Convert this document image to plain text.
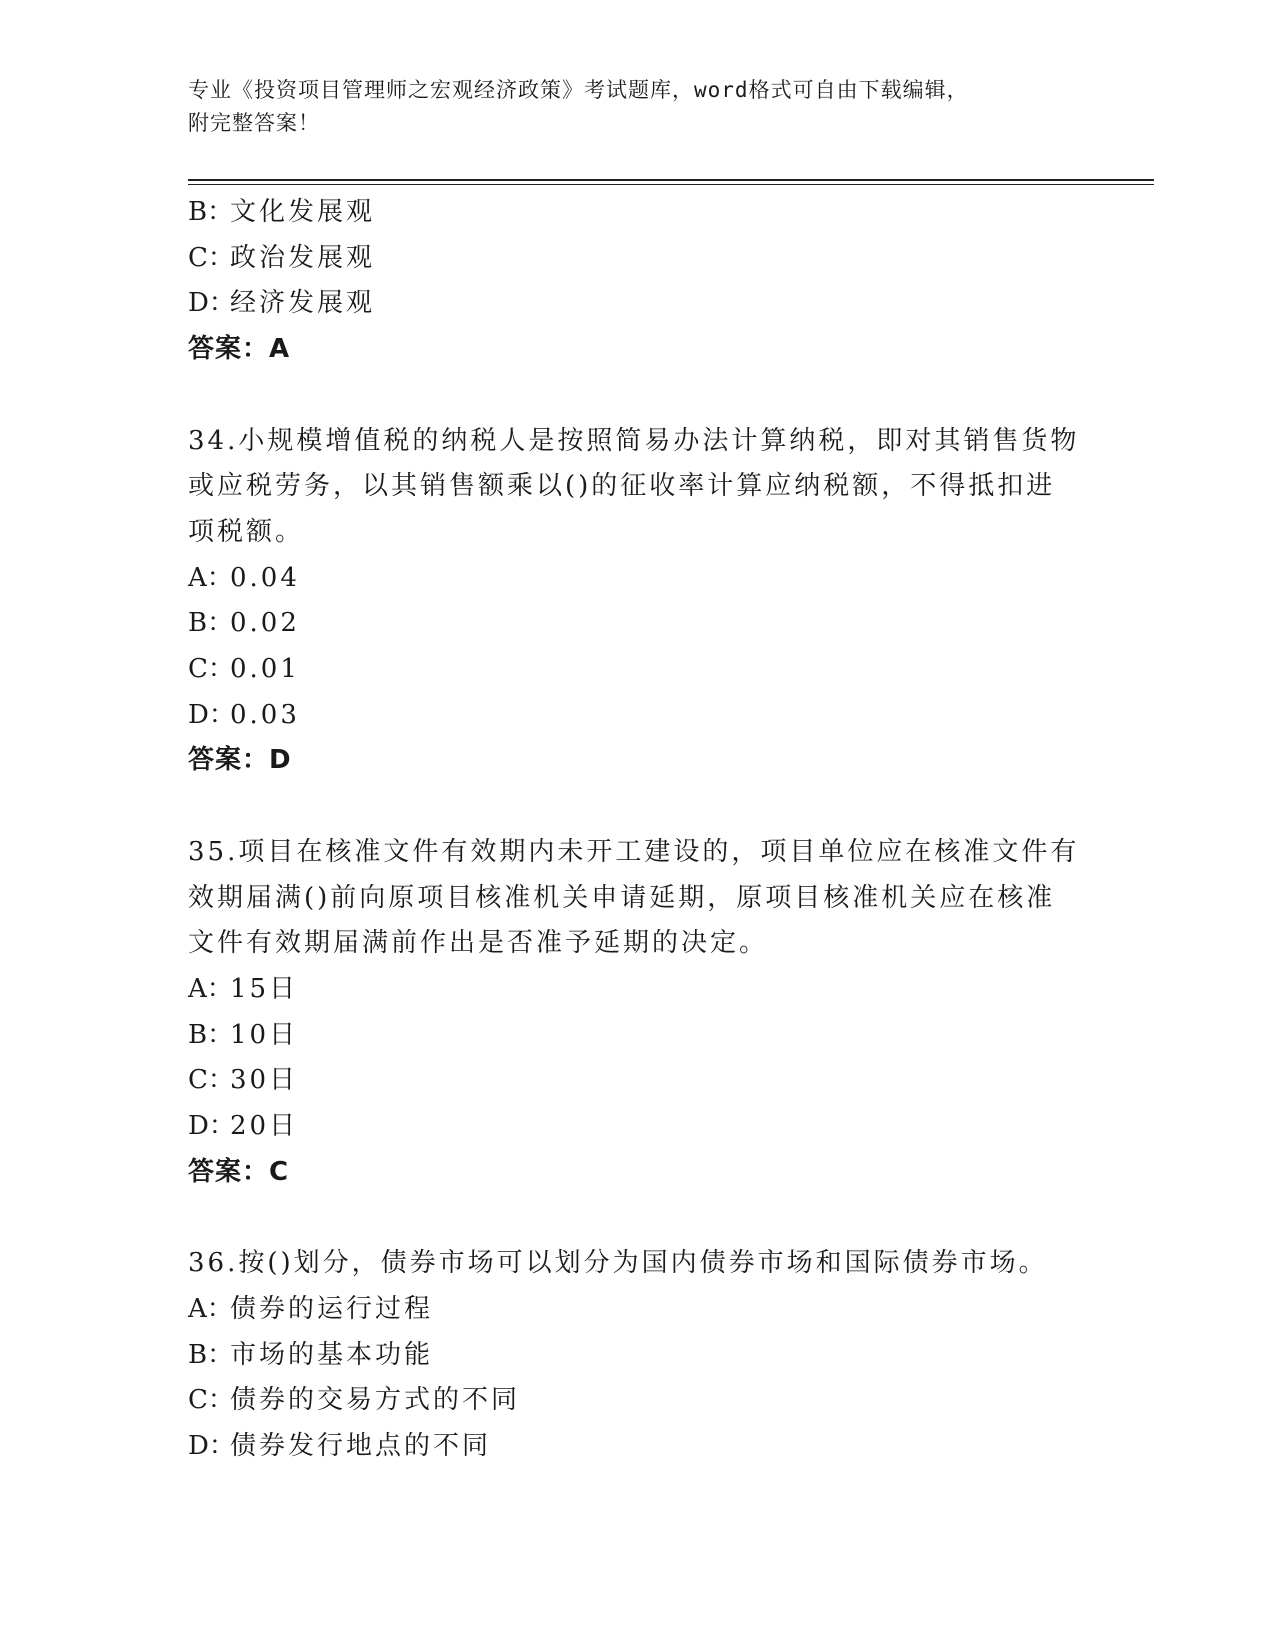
专业《投资项目管理师之宏观经济政策》考试题库，word格式可自由下载编辑，
附完整答案！
B：文化发展观
C：政治发展观
D：经济发展观
答案：A
34.小规模增值税的纳税人是按照简易办法计算纳税，即对其销售货物
或应税劳务，以其销售额乘以()的征收率计算应纳税额，不得抵扣进
项税额。
A：0.04
B：0.02
C：0.01
D：0.03
答案：D
35.项目在核准文件有效期内未开工建设的，项目单位应在核准文件有
效期届满()前向原项目核准机关申请延期，原项目核准机关应在核准
文件有效期届满前作出是否准予延期的决定。
A：15日
B：10日
C：30日
D：20日
答案：C
36.按()划分，债券市场可以划分为国内债券市场和国际债券市场。
A：债券的运行过程
B：市场的基本功能
C：债券的交易方式的不同
D：债券发行地点的不同
